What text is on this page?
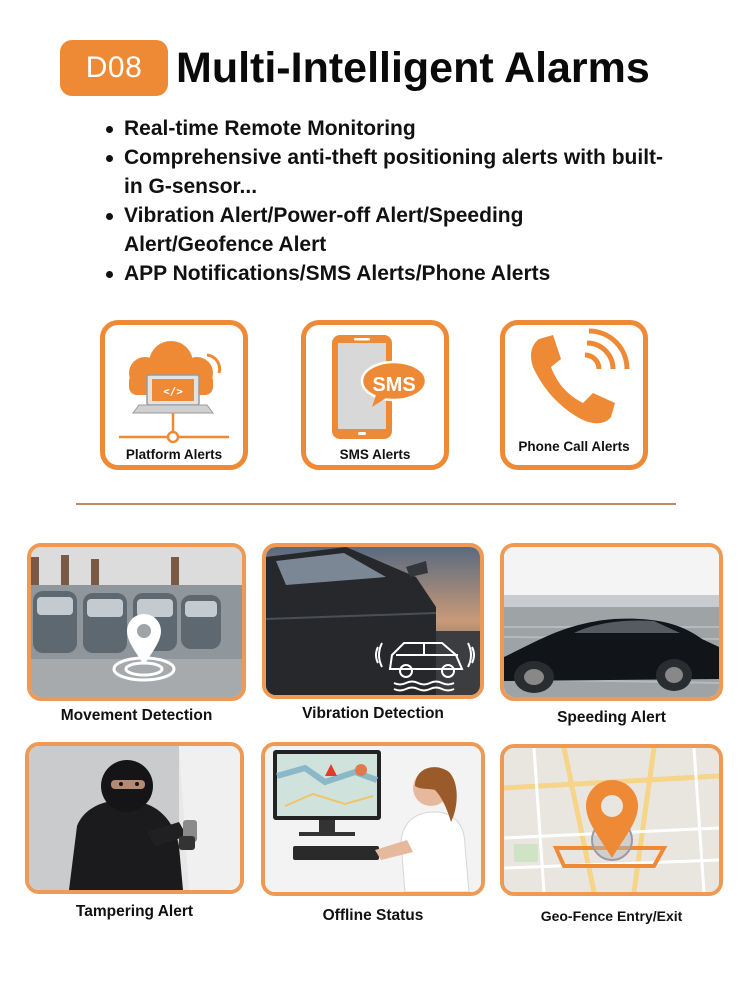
D08 Multi-Intelligent Alarms
Real-time Remote Monitoring
Comprehensive anti-theft positioning alerts with built-in G-sensor...
Vibration Alert/Power-off Alert/Speeding Alert/Geofence Alert
APP Notifications/SMS Alerts/Phone Alerts
</>
Platform Alerts
SMS
SMS Alerts
Phone Call Alerts
Movement Detection	Vibration Detection	Speeding Alert
Tampering Alert	Offline Status	Geo-Fence Entry/Exit
